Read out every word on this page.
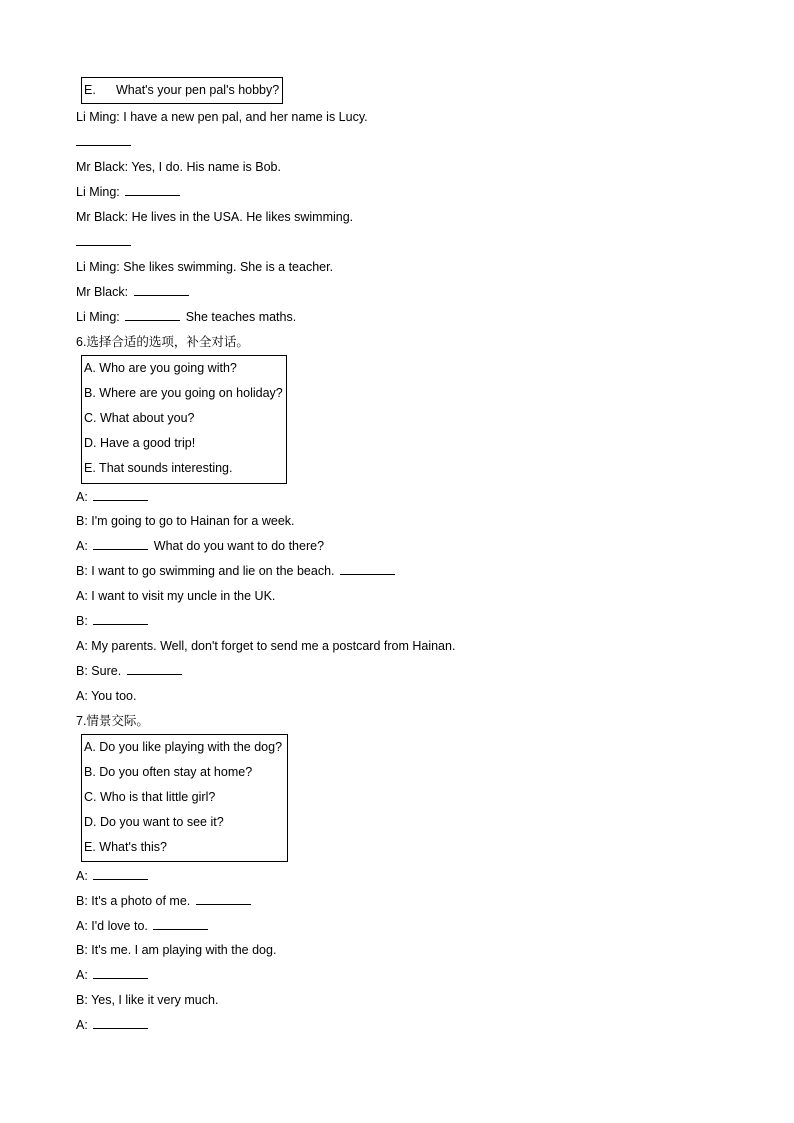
E. What's your pen pal's hobby?
Li Ming: I have a new pen pal, and her name is Lucy.
Mr Black: Yes, I do. His name is Bob.
Li Ming:
Mr Black: He lives in the USA. He likes swimming.
Li Ming: She likes swimming. She is a teacher.
Mr Black:
Li Ming:	She teaches maths.
6.选择合适的选项，补全对话。
A. Who are you going with?
B. Where are you going on holiday?
C. What about you?
D. Have a good trip!
E. That sounds interesting.
A:
B: I'm going to go to Hainan for a week.
A:	What do you want to do there?
B: I want to go swimming and lie on the beach.
A: I want to visit my uncle in the UK.
B:
A: My parents. Well, don't forget to send me a postcard from Hainan.
B: Sure.
A: You too.
7.情景交际。
A. Do you like playing with the dog?
B. Do you often stay at home?
C. Who is that little girl?
D. Do you want to see it?
E. What's this?
A:
B: It's a photo of me.
A: I'd love to.
B: It's me. I am playing with the dog.
A:
B: Yes, I like it very much.
A:
